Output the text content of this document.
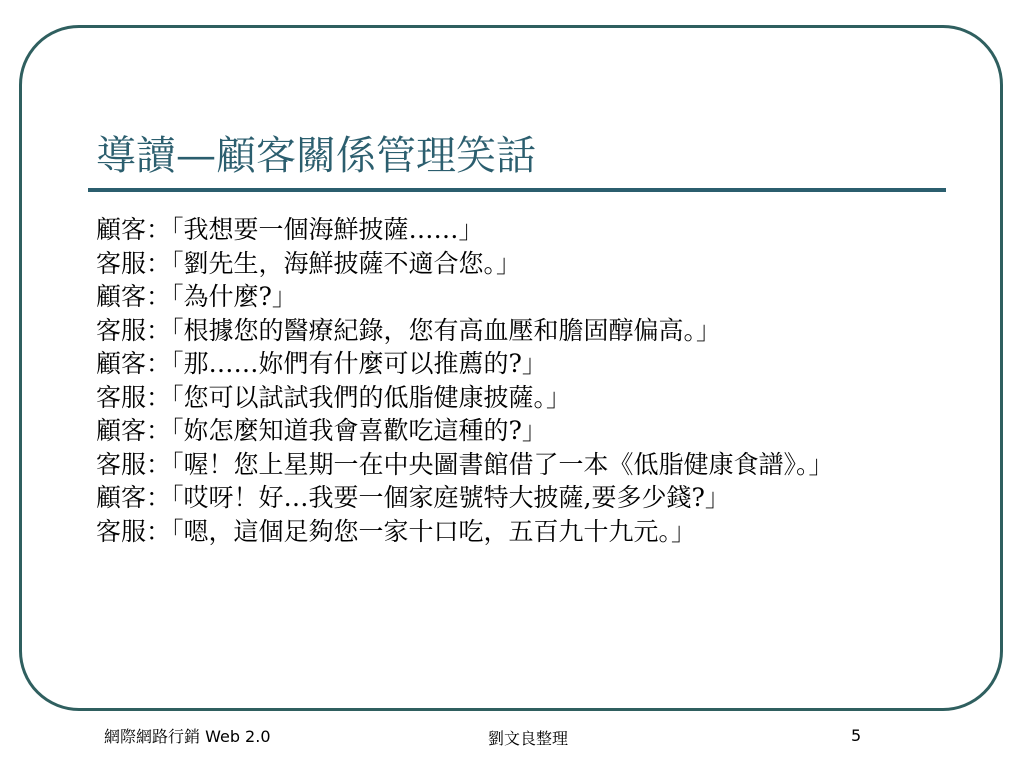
導讀—顧客關係管理笑話
顧客：「我想要一個海鮮披薩……」
客服：「劉先生，海鮮披薩不適合您。」
顧客：「為什麼?」
客服：「根據您的醫療紀錄，您有高血壓和膽固醇偏高。」
顧客：「那……妳們有什麼可以推薦的?」
客服：「您可以試試我們的低脂健康披薩。」
顧客：「妳怎麼知道我會喜歡吃這種的?」
客服：「喔！您上星期一在中央圖書館借了一本《低脂健康食譜》。」
顧客：「哎呀！好…我要一個家庭號特大披薩,要多少錢?」
客服：「嗯，這個足夠您一家十口吃，五百九十九元。」
網際網路行銷 Web 2.0	劉文良整理	5
